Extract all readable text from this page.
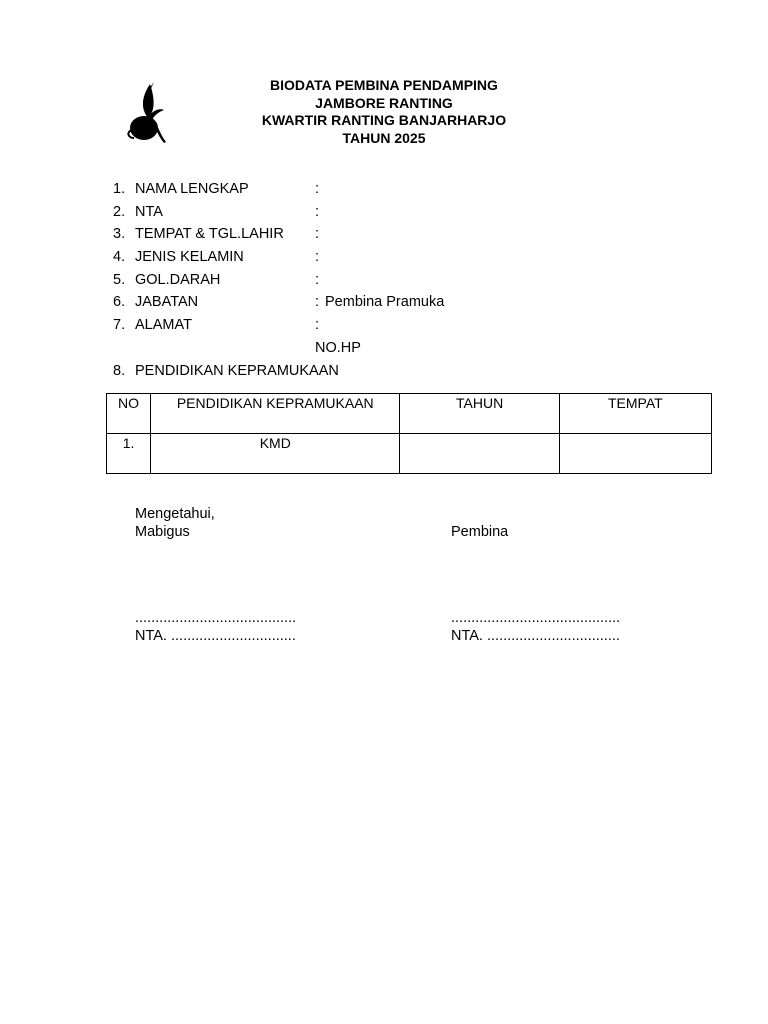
BIODATA PEMBINA PENDAMPING
JAMBORE RANTING
KWARTIR RANTING BANJARHARJO
TAHUN 2025
1. NAMA LENGKAP	:
2. NTA	:
3. TEMPAT & TGL.LAHIR :
4. JENIS KELAMIN	:
5. GOL.DARAH	:
6. JABATAN	: Pembina Pramuka
7. ALAMAT	:
NO.HP
8. PENDIDIKAN KEPRAMUKAAN
NO	PENDIDIKAN KEPRAMUKAAN	TAHUN	TEMPAT
1.	KMD		
Mengetahui,
Mabigus	Pembina
........................................
NTA. ...............................
..........................................
NTA. .................................
